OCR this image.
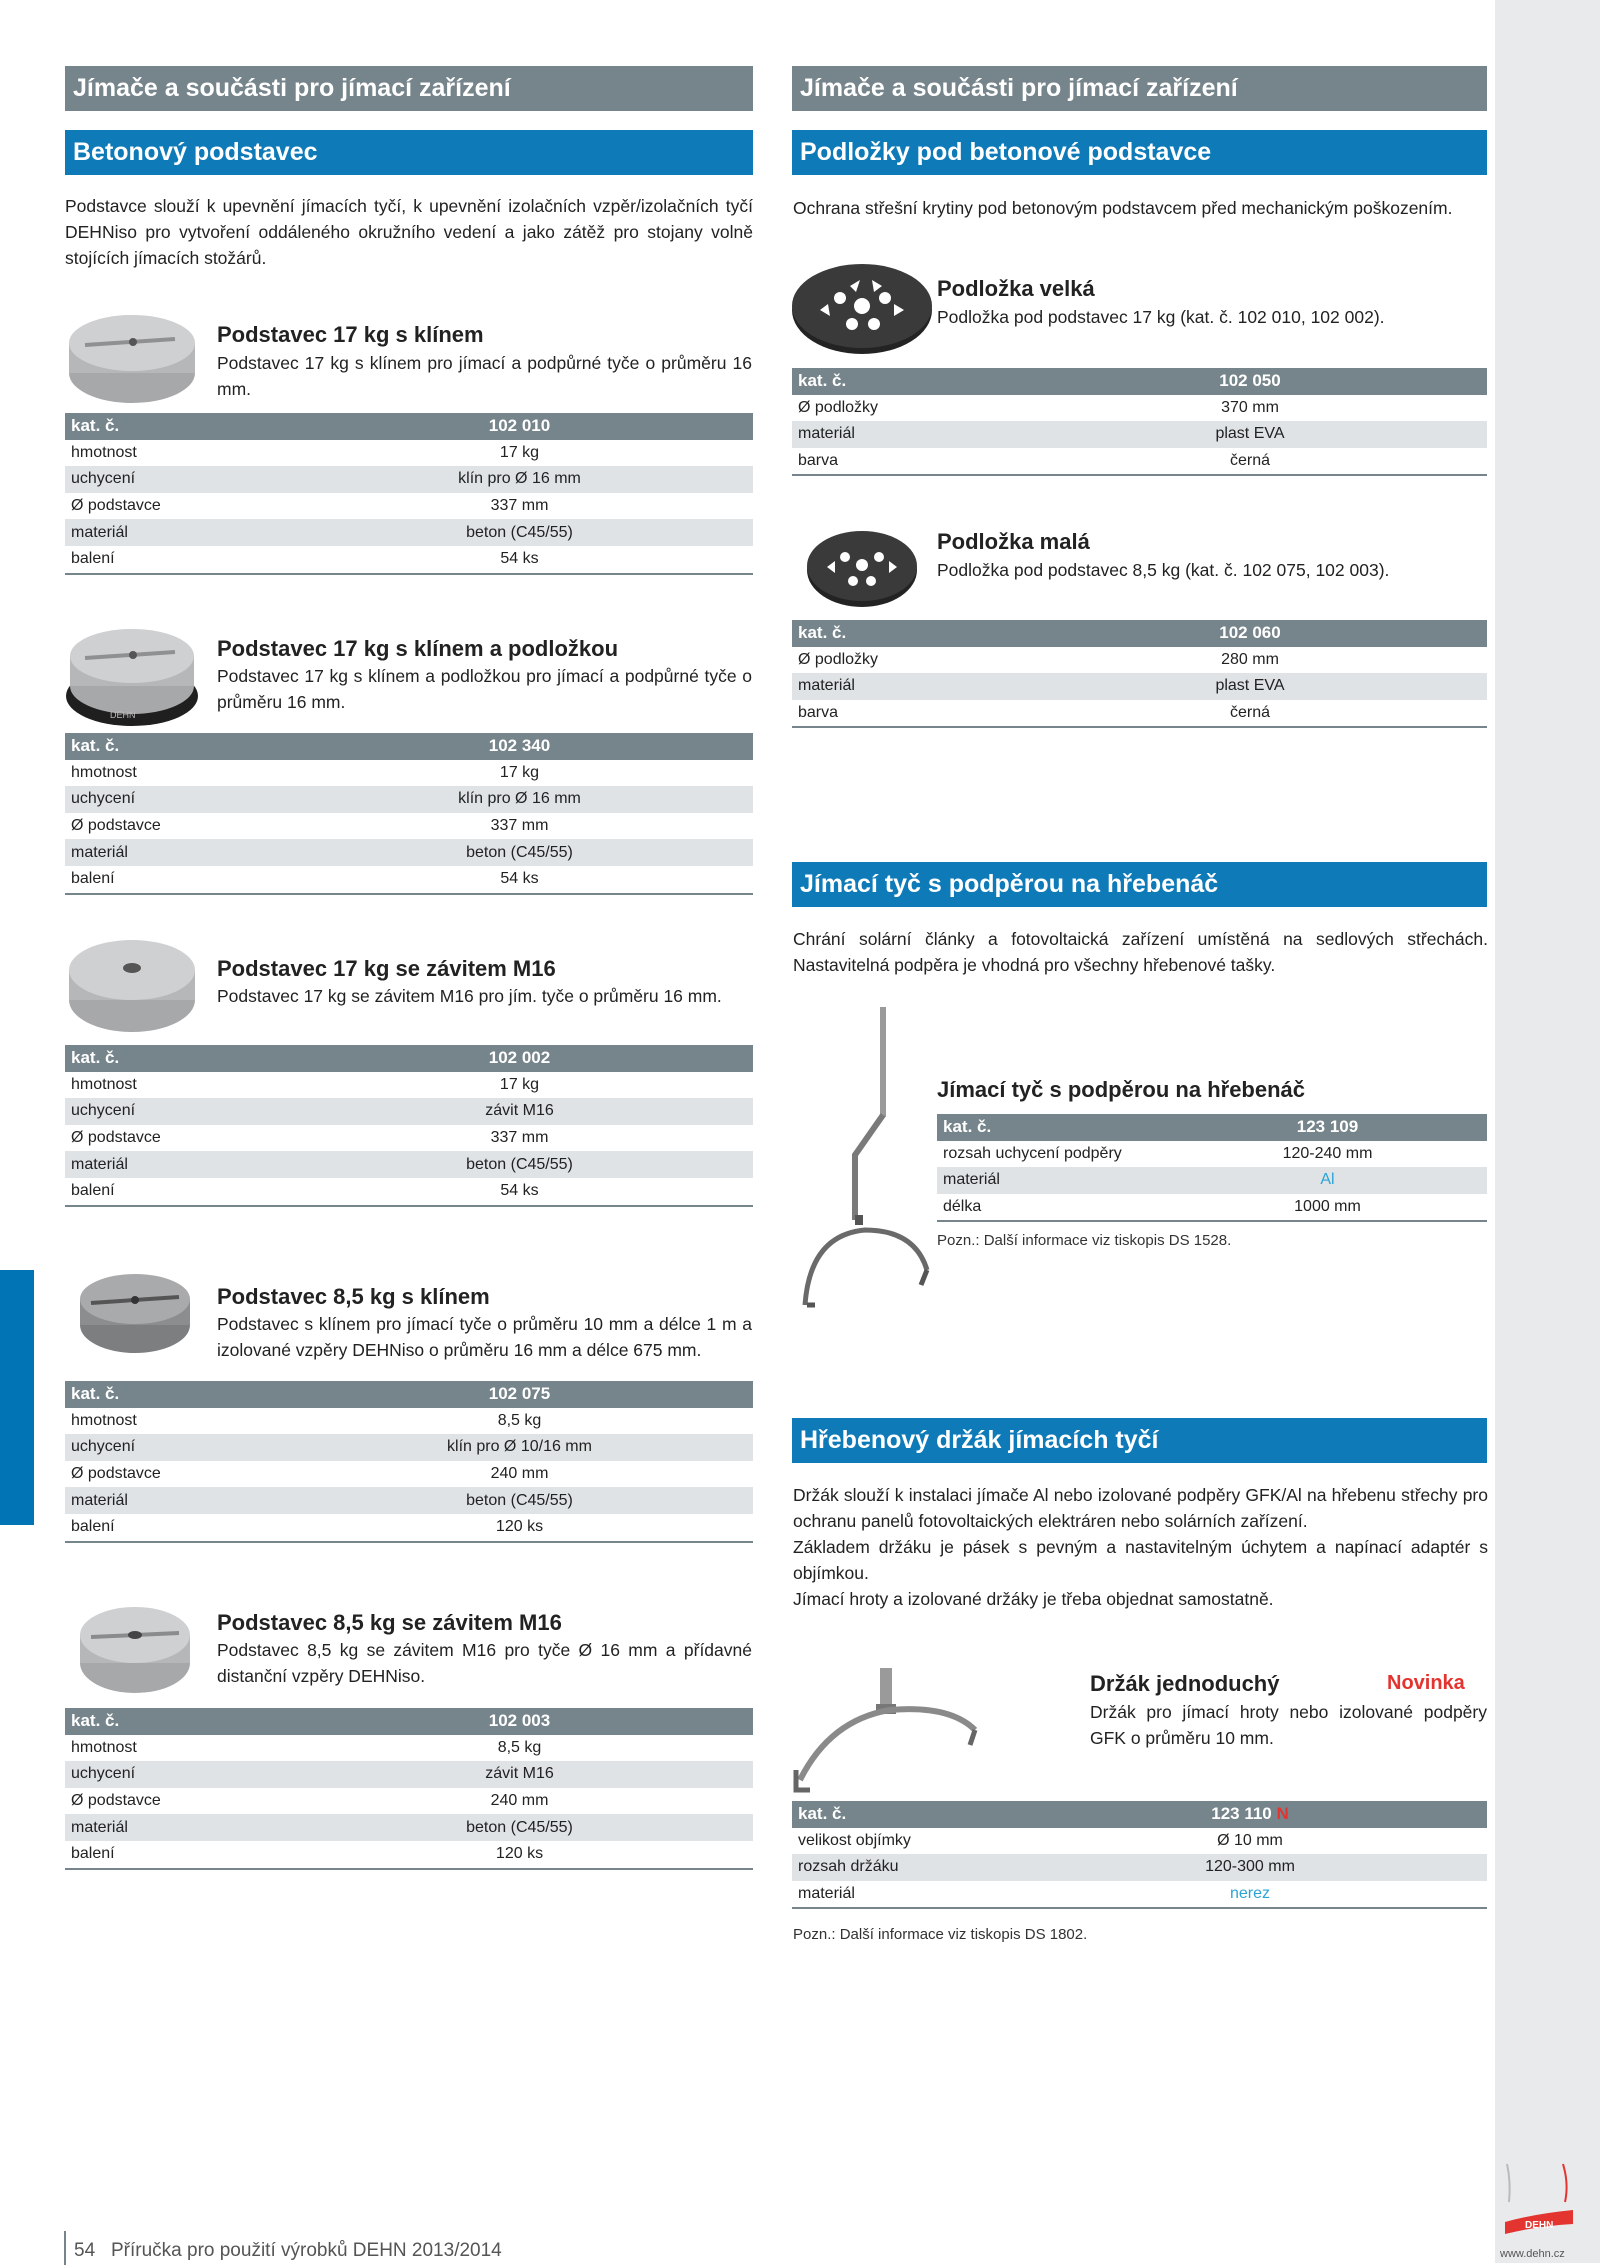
Jímače a součásti pro jímací zařízení
Betonový podstavec
Podstavce slouží k upevnění jímacích tyčí, k upevnění izolačních vzpěr/izolačních tyčí DEHNiso pro vytvoření oddáleného okružního vedení a jako zátěž pro stojany volně stojících jímacích stožárů.
Podstavec 17 kg s klínem
Podstavec 17 kg s klínem pro jímací a podpůrné tyče o průměru 16 mm.
kat. č.	102 010
hmotnost	17 kg
uchycení	klín pro Ø 16 mm
Ø podstavce	337 mm
materiál	beton (C45/55)
balení	54 ks
DEHN
Podstavec 17 kg s klínem a podložkou
Podstavec 17 kg s klínem a podložkou pro jímací a podpůrné tyče o průměru 16 mm.
kat. č.	102 340
hmotnost	17 kg
uchycení	klín pro Ø 16 mm
Ø podstavce	337 mm
materiál	beton (C45/55)
balení	54 ks
Podstavec 17 kg se závitem M16
Podstavec 17 kg se závitem M16 pro jím. tyče o průměru 16 mm.
kat. č.	102 002
hmotnost	17 kg
uchycení	závit M16
Ø podstavce	337 mm
materiál	beton (C45/55)
balení	54 ks
Podstavec 8,5 kg s klínem
Podstavec s klínem pro jímací tyče o průměru 10 mm a délce 1 m a izolované vzpěry DEHNiso o průměru 16 mm a délce 675 mm.
kat. č.	102 075
hmotnost	8,5 kg
uchycení	klín pro Ø 10/16 mm
Ø podstavce	240 mm
materiál	beton (C45/55)
balení	120 ks
Podstavec 8,5 kg se závitem M16
Podstavec 8,5 kg se závitem M16 pro tyče Ø 16 mm a přídavné distanční vzpěry DEHNiso.
kat. č.	102 003
hmotnost	8,5 kg
uchycení	závit M16
Ø podstavce	240 mm
materiál	beton (C45/55)
balení	120 ks
Jímače a součásti pro jímací zařízení
Podložky pod betonové podstavce
Ochrana střešní krytiny pod betonovým podstavcem před mechanickým poškozením.
Podložka velká
Podložka pod podstavec 17 kg (kat. č. 102 010, 102 002).
kat. č.	102 050
Ø podložky	370 mm
materiál	plast EVA
barva	černá
Podložka malá
Podložka pod podstavec 8,5 kg (kat. č. 102 075, 102 003).
kat. č.	102 060
Ø podložky	280 mm
materiál	plast EVA
barva	černá
Jímací tyč s podpěrou na hřebenáč
Chrání solární články a fotovoltaická zařízení umístěná na sedlových střechách. Nastavitelná podpěra je vhodná pro všechny hřebenové tašky.
Jímací tyč s podpěrou na hřebenáč
kat. č.	123 109
rozsah uchycení podpěry	120-240 mm
materiál	Al
délka	1000 mm
Pozn.: Další informace viz tiskopis DS 1528.
Hřebenový držák jímacích tyčí
Držák slouží k instalaci jímače Al nebo izolované podpěry GFK/Al na hřebenu střechy pro ochranu panelů fotovoltaických elektráren nebo solárních zařízení.
Základem držáku je pásek s pevným a nastavitelným úchytem a napínací adaptér s objímkou.
Jímací hroty a izolované držáky je třeba objednat samostatně.
Držák jednoduchý	Novinka
Držák pro jímací hroty nebo izolované podpěry GFK o průměru 10 mm.
kat. č.	123 110 N
velikost objímky	Ø 10 mm
rozsah držáku	120-300 mm
materiál	nerez
Pozn.: Další informace viz tiskopis DS 1802.
54 Příručka pro použití výrobků DEHN 2013/2014
DEHN
www.dehn.cz
